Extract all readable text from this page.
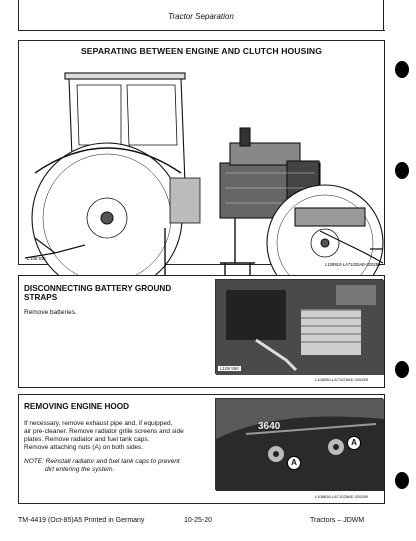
Tractor Separation
SEPARATING BETWEEN ENGINE AND CLUTCH HOUSING
L 108 910
L108910-LA71025AE-020285
DISCONNECTING BATTERY GROUND
STRAPS
Remove batteries.
L108 550
L108550-LA71025AE-020285
REMOVING ENGINE HOOD
If necessary, remove exhaust pipe and, if equipped,
air pre-cleaner. Remove radiator grille screens and side
plates. Remove radiator and fuel tank caps.
Remove attaching nuts (A) on both sides.
NOTE: Reinstall radiator and fuel tank caps to prevent
dirt entering the system.
3640
A
A
L108818-LA71025AE-020285
TM-4419 (Oct-85)A5 Printed in Germany	10-25-20	Tractors – JDWM
